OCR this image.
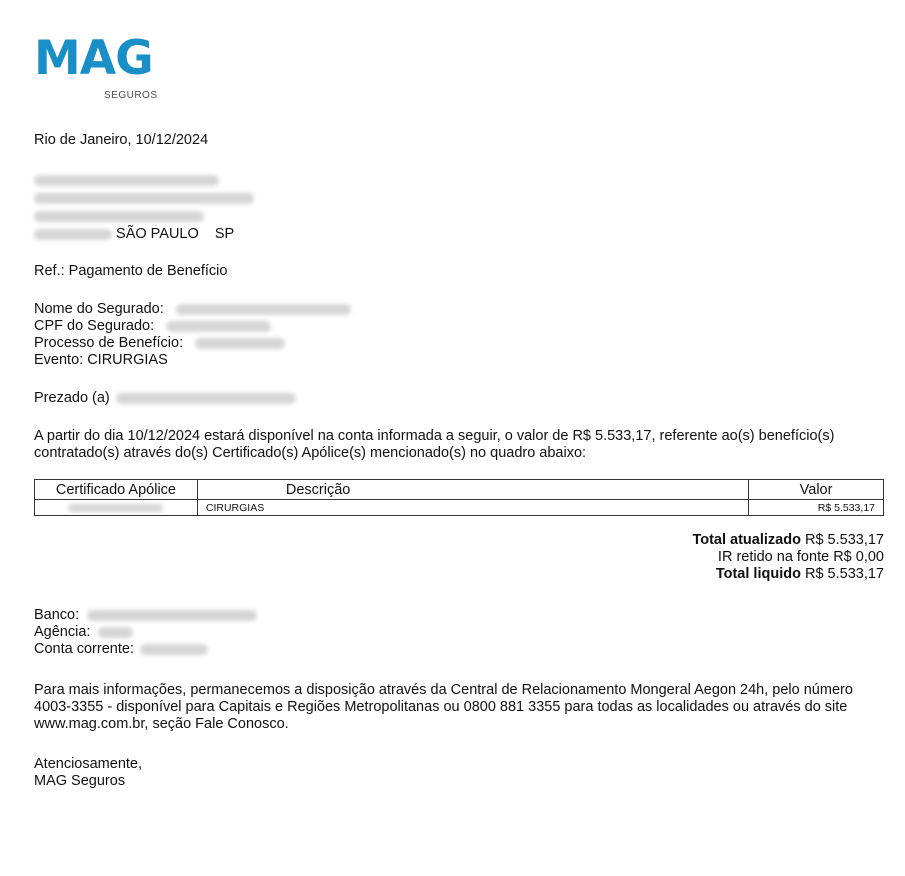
MAG
SEGUROS
Rio de Janeiro, 10/12/2024
SÃO PAULO    SP
Ref.: Pagamento de Benefício
Nome do Segurado:
CPF do Segurado:
Processo de Benefício:
Evento: CIRURGIAS
Prezado (a)
A partir do dia 10/12/2024 estará disponível na conta informada a seguir, o valor de R$ 5.533,17, referente ao(s) benefício(s) contratado(s) através do(s) Certificado(s) Apólice(s) mencionado(s) no quadro abaixo:
Certificado Apólice	Descrição	Valor
	CIRURGIAS	R$ 5.533,17
Total atualizado R$ 5.533,17
IR retido na fonte R$ 0,00
Total liquido R$ 5.533,17
Banco:
Agência:
Conta corrente:
Para mais informações, permanecemos a disposição através da Central de Relacionamento Mongeral Aegon 24h, pelo número 4003-3355 - disponível para Capitais e Regiões Metropolitanas ou 0800 881 3355 para todas as localidades ou através do site www.mag.com.br, seção Fale Conosco.
Atenciosamente,
MAG Seguros
